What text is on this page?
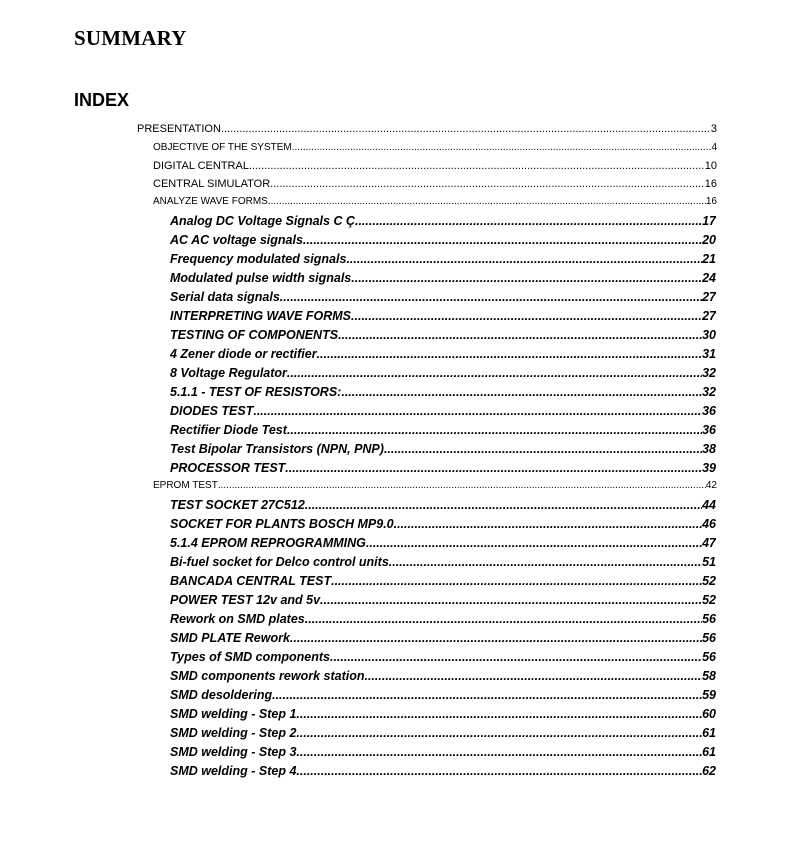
SUMMARY
INDEX
PRESENTATION .....	3
OBJECTIVE OF THE SYSTEM .....	4
DIGITAL CENTRAL .....	10
CENTRAL SIMULATOR .....	16
ANALYZE WAVE FORMS .....	16
Analog DC Voltage Signals C Ç .....	17
AC AC voltage signals .....	20
Frequency modulated signals .....	21
Modulated pulse width signals .....	24
Serial data signals .....	27
INTERPRETING WAVE FORMS .....	27
TESTING OF COMPONENTS .....	30
4 Zener diode or rectifier .....	31
8 Voltage Regulator .....	32
5.1.1 - TEST OF RESISTORS: .....	32
DIODES TEST .....	36
Rectifier Diode Test .....	36
Test Bipolar Transistors (NPN, PNP) .....	38
PROCESSOR TEST .....	39
EPROM TEST .....	42
TEST SOCKET 27C512 .....	44
SOCKET FOR PLANTS BOSCH MP9.0 .....	46
5.1.4 EPROM REPROGRAMMING .....	47
Bi-fuel socket for Delco control units .....	51
BANCADA CENTRAL TEST .....	52
POWER TEST 12v and 5v .....	52
Rework on SMD plates .....	56
SMD PLATE Rework .....	56
Types of SMD components .....	56
SMD components rework station .....	58
SMD desoldering .....	59
SMD welding - Step 1 .....	60
SMD welding - Step 2 .....	61
SMD welding - Step 3 .....	61
SMD welding - Step 4 .....	62
